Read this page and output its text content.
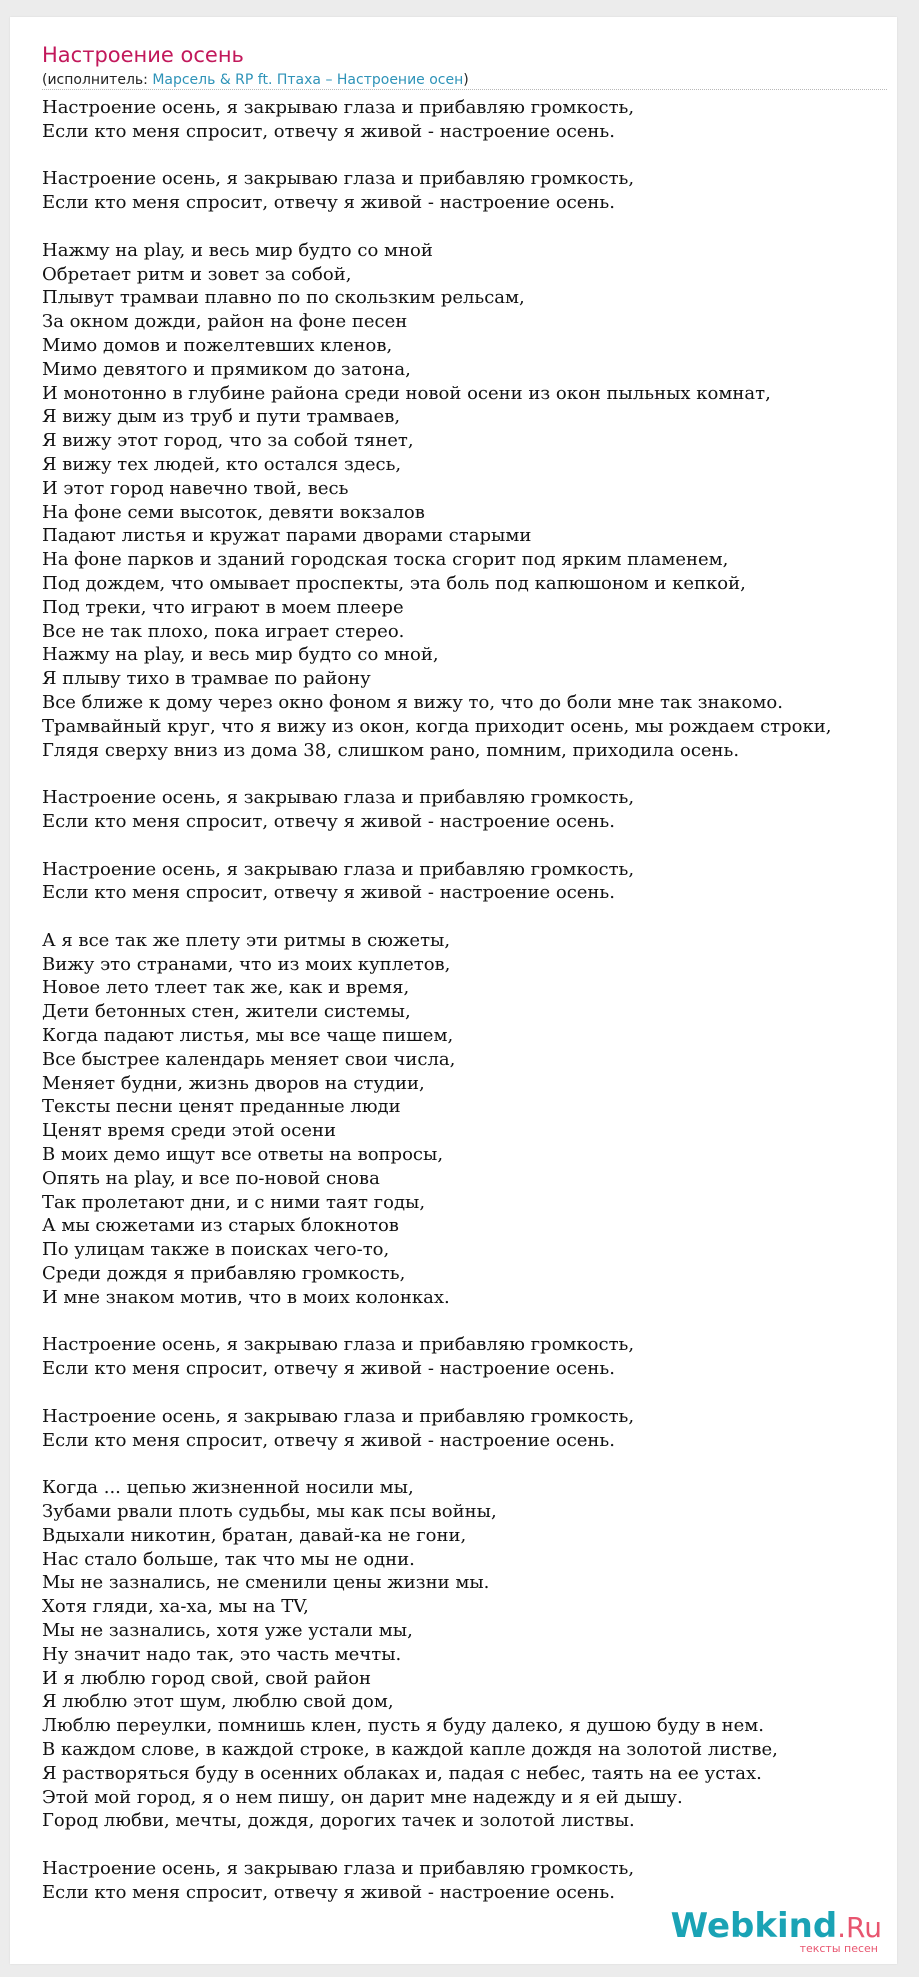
Настроение осень
(исполнитель: Марсель & RP ft. Птаха – Настроение осен)
Настроение осень, я закрываю глаза и прибавляю громкость,
Если кто меня спросит, отвечу я живой - настроение осень.
Настроение осень, я закрываю глаза и прибавляю громкость,
Если кто меня спросит, отвечу я живой - настроение осень.
Нажму на play, и весь мир будто со мной
Обретает ритм и зовет за собой,
Плывут трамваи плавно по по скользким рельсам,
За окном дожди, район на фоне песен
Мимо домов и пожелтевших кленов,
Мимо девятого и прямиком до затона,
И монотонно в глубине района среди новой осени из окон пыльных комнат,
Я вижу дым из труб и пути трамваев,
Я вижу этот город, что за собой тянет,
Я вижу тех людей, кто остался здесь,
И этот город навечно твой, весь
На фоне семи высоток, девяти вокзалов
Падают листья и кружат парами дворами старыми
На фоне парков и зданий городская тоска сгорит под ярким пламенем,
Под дождем, что омывает проспекты, эта боль под капюшоном и кепкой,
Под треки, что играют в моем плеере
Все не так плохо, пока играет стерео.
Нажму на play, и весь мир будто со мной,
Я плыву тихо в трамвае по району
Все ближе к дому через окно фоном я вижу то, что до боли мне так знакомо.
Трамвайный круг, что я вижу из окон, когда приходит осень, мы рождаем строки,
Глядя сверху вниз из дома 38, слишком рано, помним, приходила осень.
Настроение осень, я закрываю глаза и прибавляю громкость,
Если кто меня спросит, отвечу я живой - настроение осень.
Настроение осень, я закрываю глаза и прибавляю громкость,
Если кто меня спросит, отвечу я живой - настроение осень.
А я все так же плету эти ритмы в сюжеты,
Вижу это странами, что из моих куплетов,
Новое лето тлеет так же, как и время,
Дети бетонных стен, жители системы,
Когда падают листья, мы все чаще пишем,
Все быстрее календарь меняет свои числа,
Меняет будни, жизнь дворов на студии,
Тексты песни ценят преданные люди
Ценят время среди этой осени
В моих демо ищут все ответы на вопросы,
Опять на play, и все по-новой снова
Так пролетают дни, и с ними таят годы,
А мы сюжетами из старых блокнотов
По улицам также в поисках чего-то,
Среди дождя я прибавляю громкость,
И мне знаком мотив, что в моих колонках.
Настроение осень, я закрываю глаза и прибавляю громкость,
Если кто меня спросит, отвечу я живой - настроение осень.
Настроение осень, я закрываю глаза и прибавляю громкость,
Если кто меня спросит, отвечу я живой - настроение осень.
Когда ... цепью жизненной носили мы,
Зубами рвали плоть судьбы, мы как псы войны,
Вдыхали никотин, братан, давай-ка не гони,
Нас стало больше, так что мы не одни.
Мы не зазнались, не сменили цены жизни мы.
Хотя гляди, ха-ха, мы на TV,
Мы не зазнались, хотя уже устали мы,
Ну значит надо так, это часть мечты.
И я люблю город свой, свой район
Я люблю этот шум, люблю свой дом,
Люблю переулки, помнишь клен, пусть я буду далеко, я душою буду в нем.
В каждом слове, в каждой строке, в каждой капле дождя на золотой листве,
Я растворяться буду в осенних облаках и, падая с небес, таять на ее устах.
Этой мой город, я о нем пишу, он дарит мне надежду и я ей дышу.
Город любви, мечты, дождя, дорогих тачек и золотой листвы.
Настроение осень, я закрываю глаза и прибавляю громкость,
Если кто меня спросит, отвечу я живой - настроение осень.
Webkind.Ru
тексты песен
